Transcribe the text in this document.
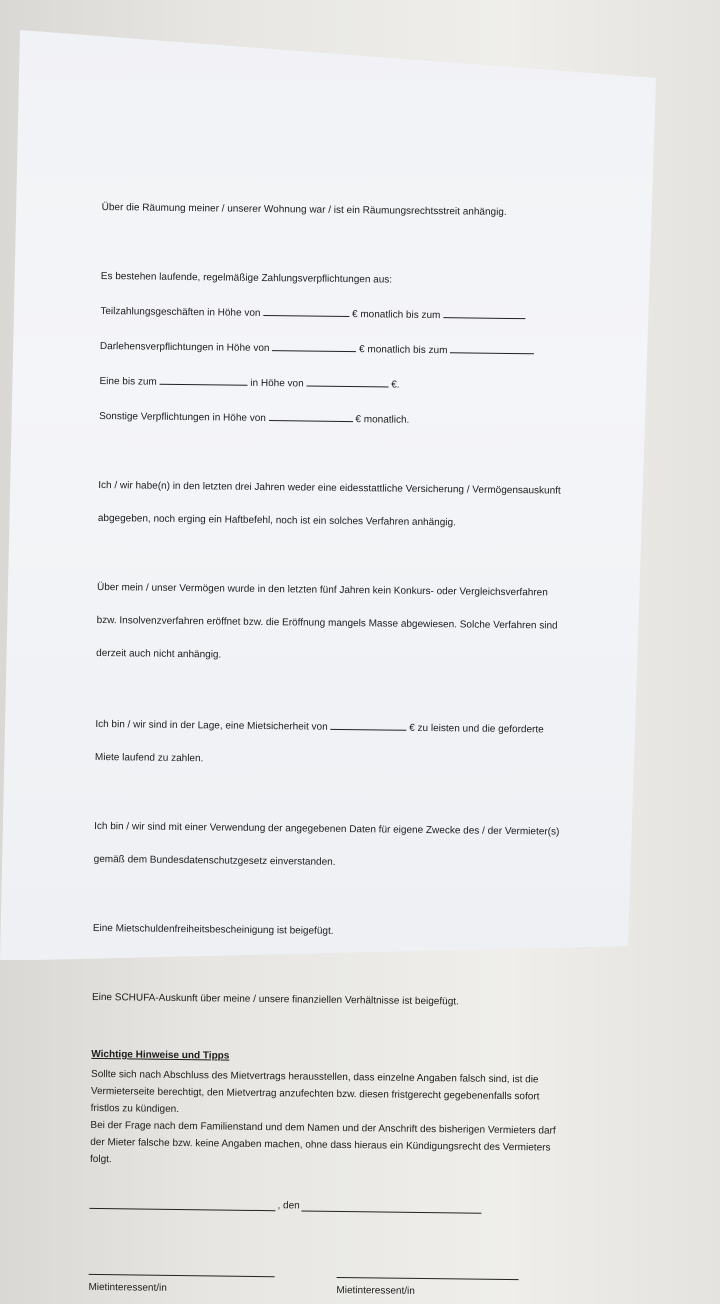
Über die Räumung meiner / unserer Wohnung war / ist ein Räumungsrechtsstreit anhängig.

Es bestehen laufende, regelmäßige Zahlungsverpflichtungen aus:

Teilzahlungsgeschäften in Höhe von	€ monatlich bis zum

Darlehensverpflichtungen in Höhe von	€ monatlich bis zum

Eine bis zum	in Höhe von	€.

Sonstige Verpflichtungen in Höhe von	€ monatlich.

Ich / wir habe(n) in den letzten drei Jahren weder eine eidesstattliche Versicherung / Vermögensauskunft

abgegeben, noch erging ein Haftbefehl, noch ist ein solches Verfahren anhängig.

Über mein / unser Vermögen wurde in den letzten fünf Jahren kein Konkurs- oder Vergleichsverfahren

bzw. Insolvenzverfahren eröffnet bzw. die Eröffnung mangels Masse abgewiesen. Solche Verfahren sind

derzeit auch nicht anhängig.

Ich bin / wir sind in der Lage, eine Mietsicherheit von	€ zu leisten und die geforderte

Miete laufend zu zahlen.

Ich bin / wir sind mit einer Verwendung der angegebenen Daten für eigene Zwecke des / der Vermieter(s)

gemäß dem Bundesdatenschutzgesetz einverstanden.

Eine Mietschuldenfreiheitsbescheinigung ist beigefügt.

Eine SCHUFA-Auskunft über meine / unsere finanziellen Verhältnisse ist beigefügt.

Wichtige Hinweise und Tipps
Sollte sich nach Abschluss des Mietvertrags herausstellen, dass einzelne Angaben falsch sind, ist die
Vermieterseite berechtigt, den Mietvertrag anzufechten bzw. diesen fristgerecht gegebenenfalls sofort
fristlos zu kündigen.
Bei der Frage nach dem Familienstand und dem Namen und der Anschrift des bisherigen Vermieters darf
der Mieter falsche bzw. keine Angaben machen, ohne dass hieraus ein Kündigungsrecht des Vermieters
folgt.
, den
Mietinteressent/in	Mietinteressent/in
